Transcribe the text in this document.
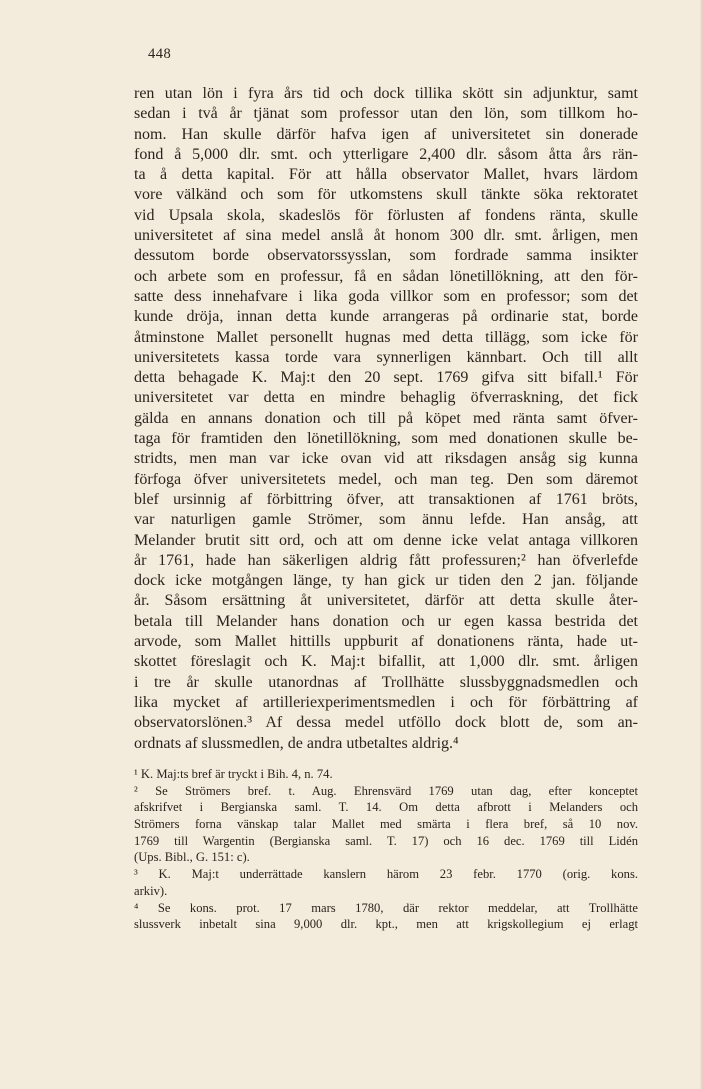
448
ren utan lön i fyra års tid och dock tillika skött sin adjunktur, samt
sedan i två år tjänat som professor utan den lön, som tillkom ho-
nom. Han skulle därför hafva igen af universitetet sin donerade
fond å 5,000 dlr. smt. och ytterligare 2,400 dlr. såsom åtta års rän-
ta å detta kapital. För att hålla observator Mallet, hvars lärdom
vore välkänd och som för utkomstens skull tänkte söka rektoratet
vid Upsala skola, skadeslös för förlusten af fondens ränta, skulle
universitetet af sina medel anslå åt honom 300 dlr. smt. årligen, men
dessutom borde observatorssysslan, som fordrade samma insikter
och arbete som en professur, få en sådan lönetillökning, att den för-
satte dess innehafvare i lika goda villkor som en professor; som det
kunde dröja, innan detta kunde arrangeras på ordinarie stat, borde
åtminstone Mallet personellt hugnas med detta tillägg, som icke för
universitetets kassa torde vara synnerligen kännbart. Och till allt
detta behagade K. Maj:t den 20 sept. 1769 gifva sitt bifall.¹ För
universitetet var detta en mindre behaglig öfverraskning, det fick
gälda en annans donation och till på köpet med ränta samt öfver-
taga för framtiden den lönetillökning, som med donationen skulle be-
stridts, men man var icke ovan vid att riksdagen ansåg sig kunna
förfoga öfver universitetets medel, och man teg. Den som däremot
blef ursinnig af förbittring öfver, att transaktionen af 1761 bröts,
var naturligen gamle Strömer, som ännu lefde. Han ansåg, att
Melander brutit sitt ord, och att om denne icke velat antaga villkoren
år 1761, hade han säkerligen aldrig fått professuren;² han öfverlefde
dock icke motgången länge, ty han gick ur tiden den 2 jan. följande
år. Såsom ersättning åt universitetet, därför att detta skulle åter-
betala till Melander hans donation och ur egen kassa bestrida det
arvode, som Mallet hittills uppburit af donationens ränta, hade ut-
skottet föreslagit och K. Maj:t bifallit, att 1,000 dlr. smt. årligen
i tre år skulle utanordnas af Trollhätte slussbyggnadsmedlen och
lika mycket af artilleriexperimentsmedlen i och för förbättring af
observatorslönen.³ Af dessa medel utföllo dock blott de, som an-
ordnats af slussmedlen, de andra utbetaltes aldrig.⁴
¹ K. Maj:ts bref är tryckt i Bih. 4, n. 74.
² Se Strömers bref. t. Aug. Ehrensvärd 1769 utan dag, efter konceptet
afskrifvet i Bergianska saml. T. 14. Om detta afbrott i Melanders och
Strömers forna vänskap talar Mallet med smärta i flera bref, så 10 nov.
1769 till Wargentin (Bergianska saml. T. 17) och 16 dec. 1769 till Lidén
(Ups. Bibl., G. 151: c).
³ K. Maj:t underrättade kanslern härom 23 febr. 1770 (orig. kons.
arkiv).
⁴ Se kons. prot. 17 mars 1780, där rektor meddelar, att Trollhätte
slussverk inbetalt sina 9,000 dlr. kpt., men att krigskollegium ej erlagt
